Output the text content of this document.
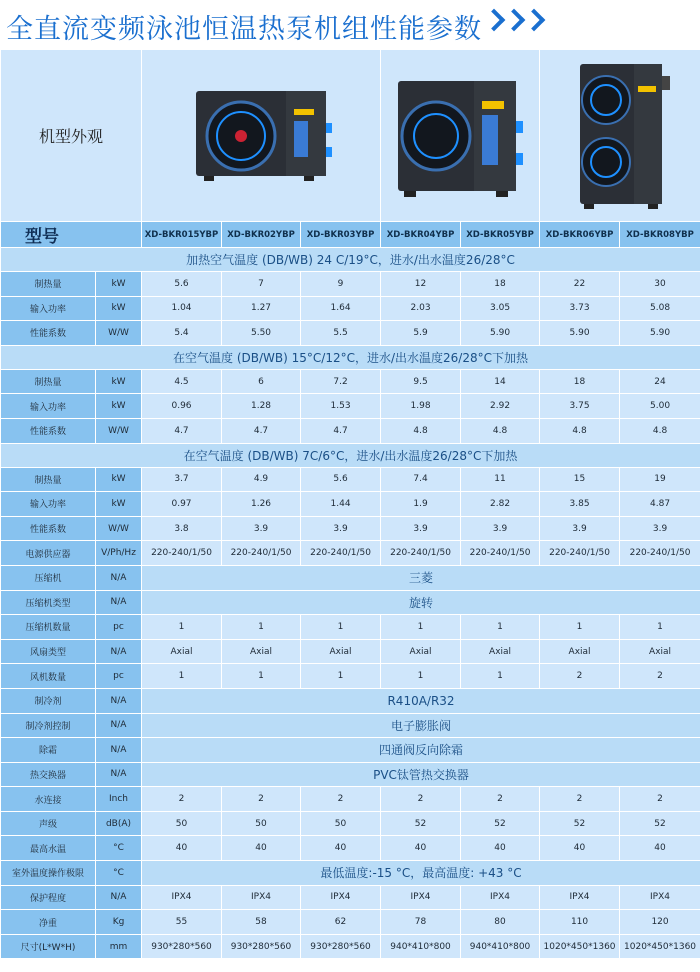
全直流变频泳池恒温热泵机组性能参数
机型外观	

型号		XD-BKR015YBP	XD-BKR02YBP	XD-BKR03YBP	XD-BKR04YBP	XD-BKR05YBP	XD-BKR06YBP	XD-BKR08YBP
加热空气温度 (DB/WB) 24 C/19°C，进水/出水温度26/28°C								
制热量	kW	5.6	7	9	12	18	22	30
输入功率	kW	1.04	1.27	1.64	2.03	3.05	3.73	5.08
性能系数	W/W	5.4	5.50	5.5	5.9	5.90	5.90	5.90
在空气温度 (DB/WB) 15°C/12°C，进水/出水温度26/28°C下加热								
制热量	kW	4.5	6	7.2	9.5	14	18	24
输入功率	kW	0.96	1.28	1.53	1.98	2.92	3.75	5.00
性能系数	W/W	4.7	4.7	4.7	4.8	4.8	4.8	4.8
在空气温度 (DB/WB) 7C/6°C，进水/出水温度26/28°C下加热								
制热量	kW	3.7	4.9	5.6	7.4	11	15	19
输入功率	kW	0.97	1.26	1.44	1.9	2.82	3.85	4.87
性能系数	W/W	3.8	3.9	3.9	3.9	3.9	3.9	3.9
电源供应器	V/Ph/Hz	220-240/1/50	220-240/1/50	220-240/1/50	220-240/1/50	220-240/1/50	220-240/1/50	220-240/1/50
压缩机	N/A	三菱						
压缩机类型	N/A	旋转						
压缩机数量	pc	1	1	1	1	1	1	1
风扇类型	N/A	Axial	Axial	Axial	Axial	Axial	Axial	Axial
风机数量	pc	1	1	1	1	1	2	2
制冷剂	N/A	R410A/R32						
制冷剂控制	N/A	电子膨胀阀						
除霜	N/A	四通阀反向除霜						
热交换器	N/A	PVC钛管热交换器						
水连接	Inch	2	2	2	2	2	2	2
声级	dB(A)	50	50	50	52	52	52	52
最高水温	°C	40	40	40	40	40	40	40
室外温度操作极限	°C	最低温度:-15 °C，最高温度: +43 °C						
保护程度	N/A	IPX4	IPX4	IPX4	IPX4	IPX4	IPX4	IPX4
净重	Kg	55	58	62	78	80	110	120
尺寸(L*W*H)	mm	930*280*560	930*280*560	930*280*560	940*410*800	940*410*800	1020*450*1360	1020*450*1360
